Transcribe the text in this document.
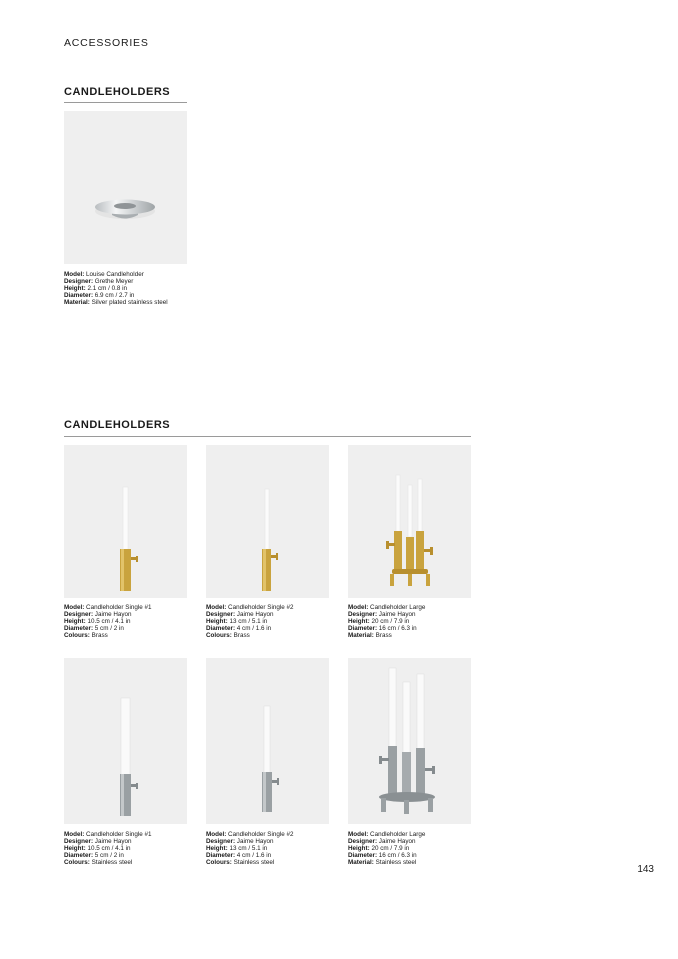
ACCESSORIES
CANDLEHOLDERS
Model: Louise Candleholder
Designer: Grethe Meyer
Height: 2.1 cm / 0.8 in
Diameter: 6.9 cm / 2.7 in
Material: Silver plated stainless steel
CANDLEHOLDERS
Model: Candleholder Single #1
Designer: Jaime Hayon
Height: 10.5 cm / 4.1 in
Diameter: 5 cm / 2 in
Colours: Brass
Model: Candleholder Single #2
Designer: Jaime Hayon
Height: 13 cm / 5.1 in
Diameter: 4 cm / 1.6 in
Colours: Brass
Model: Candleholder Large
Designer: Jaime Hayon
Height: 20 cm / 7.9 in
Diameter: 16 cm / 6.3 in
Material: Brass
Model: Candleholder Single #1
Designer: Jaime Hayon
Height: 10.5 cm / 4.1 in
Diameter: 5 cm / 2 in
Colours: Stainless steel
Model: Candleholder Single #2
Designer: Jaime Hayon
Height: 13 cm / 5.1 in
Diameter: 4 cm / 1.6 in
Colours: Stainless steel
Model: Candleholder Large
Designer: Jaime Hayon
Height: 20 cm / 7.9 in
Diameter: 16 cm / 6.3 in
Material: Stainless steel
143
